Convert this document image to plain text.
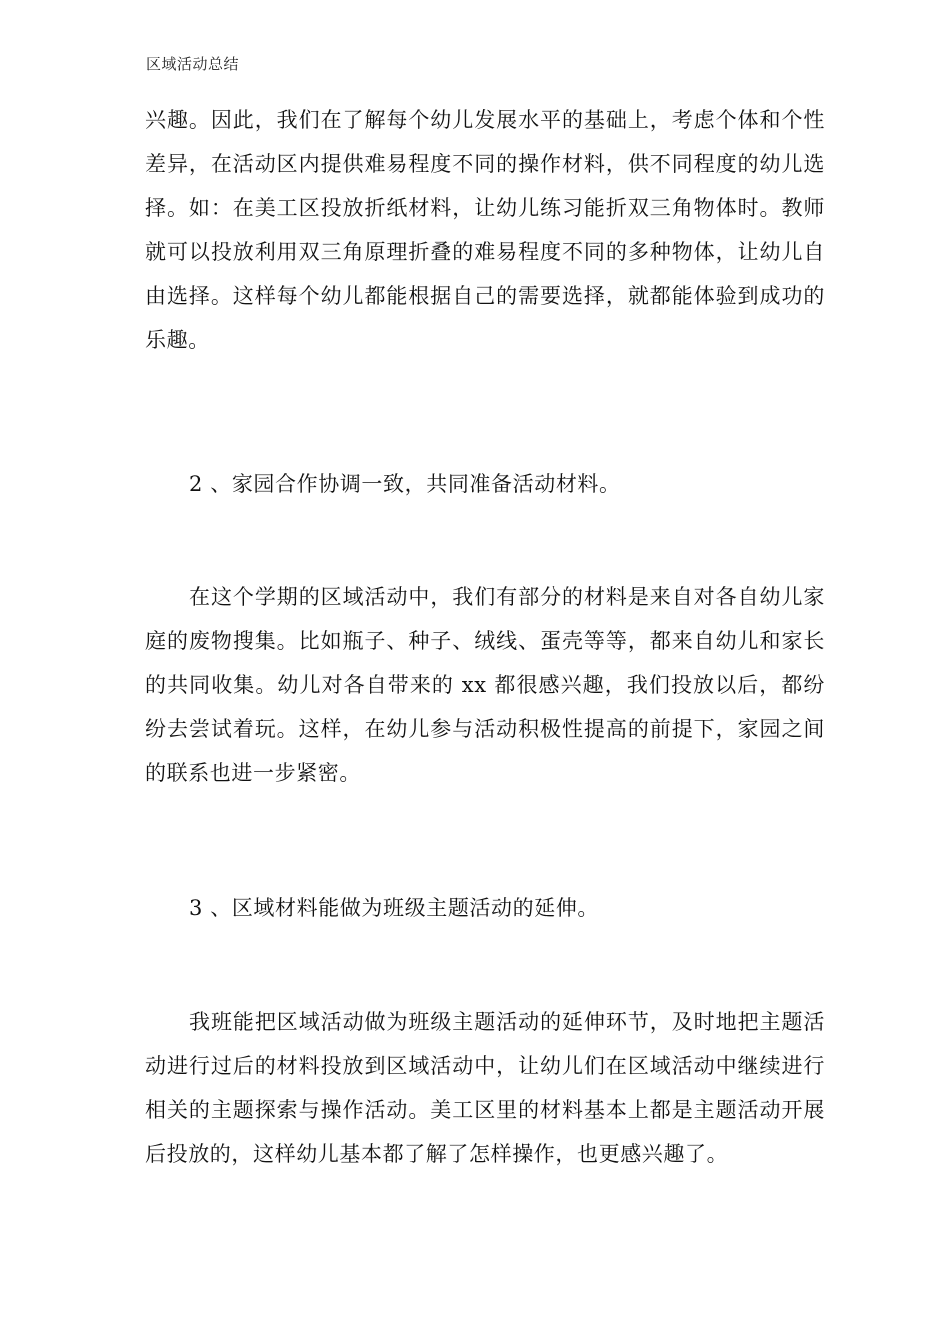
区域活动总结

兴趣。因此，我们在了解每个幼儿发展水平的基础上，考虑个体和个性差异，在活动区内提供难易程度不同的操作材料，供不同程度的幼儿选择。如：在美工区投放折纸材料，让幼儿练习能折双三角物体时。教师就可以投放利用双三角原理折叠的难易程度不同的多种物体，让幼儿自由选择。这样每个幼儿都能根据自己的需要选择，就都能体验到成功的乐趣。

2 、家园合作协调一致，共同准备活动材料。

在这个学期的区域活动中，我们有部分的材料是来自对各自幼儿家庭的废物搜集。比如瓶子、种子、绒线、蛋壳等等，都来自幼儿和家长的共同收集。幼儿对各自带来的 xx 都很感兴趣，我们投放以后，都纷纷去尝试着玩。这样，在幼儿参与活动积极性提高的前提下，家园之间的联系也进一步紧密。

3 、区域材料能做为班级主题活动的延伸。

我班能把区域活动做为班级主题活动的延伸环节，及时地把主题活动进行过后的材料投放到区域活动中，让幼儿们在区域活动中继续进行相关的主题探索与操作活动。美工区里的材料基本上都是主题活动开展后投放的，这样幼儿基本都了解了怎样操作，也更感兴趣了。
